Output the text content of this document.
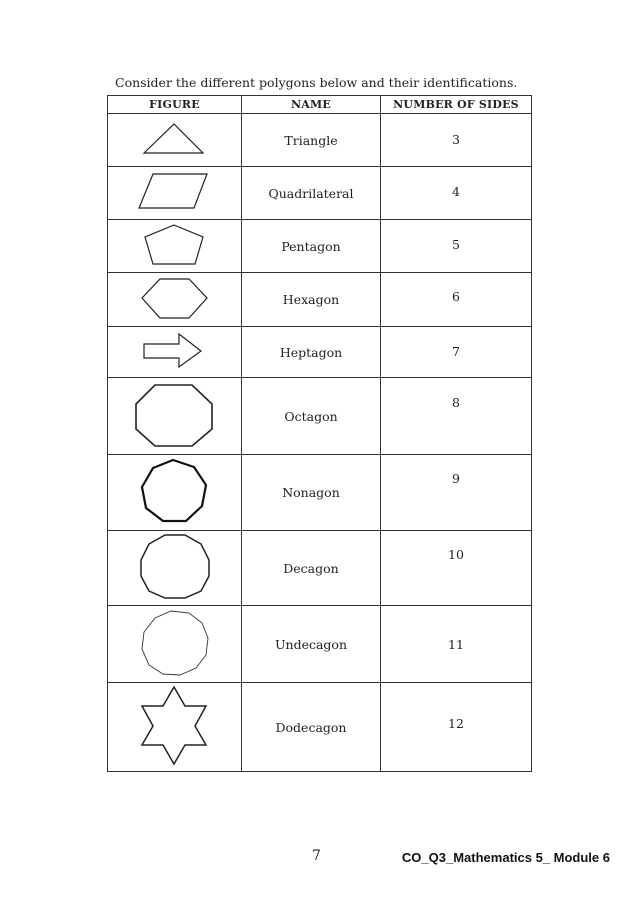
Consider the different polygons below and their identifications.
FIGURE	NAME	NUMBER OF SIDES

	Triangle	3

	Quadrilateral	4

	Pentagon	5

	Hexagon	6

	Heptagon	7

	Octagon	8

	Nonagon	9

	Decagon	10

	Undecagon	11

	Dodecagon	12
7	CO_Q3_Mathematics 5_ Module 6
